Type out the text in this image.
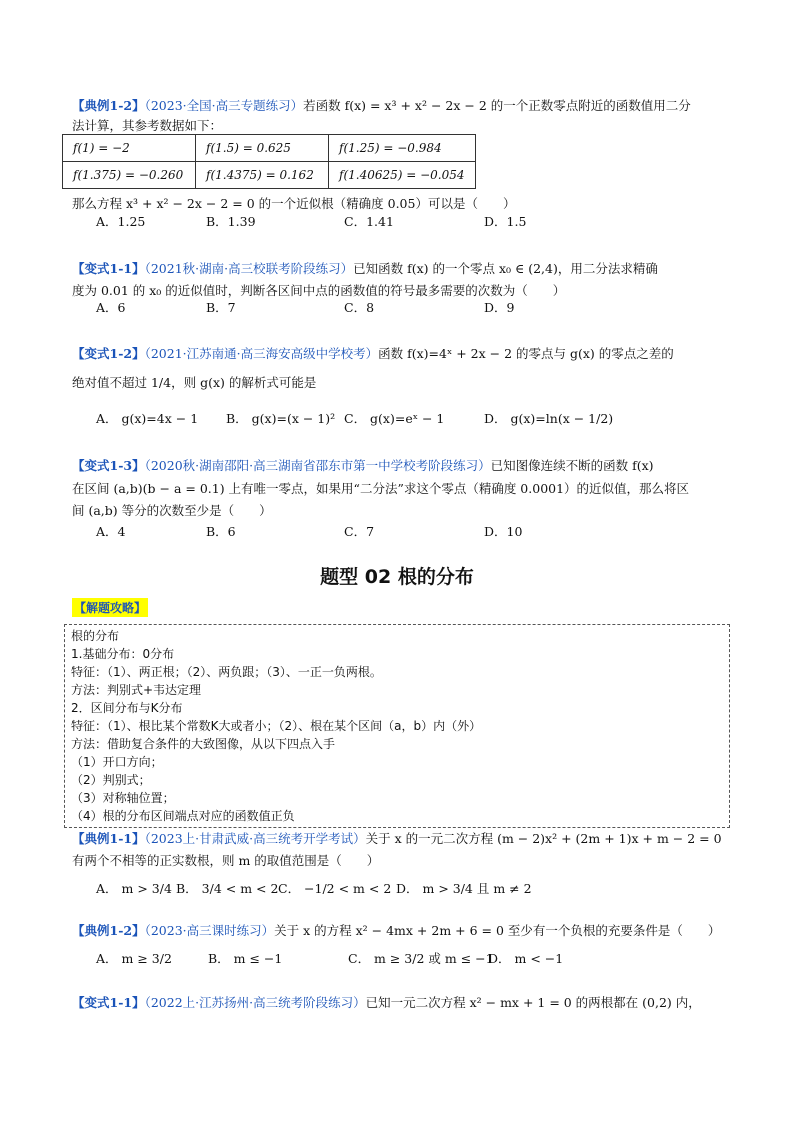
【典例1-2】（2023·全国·高三专题练习）若函数 f(x) = x³ + x² − 2x − 2 的一个正数零点附近的函数值用二分
法计算，其参考数据如下：
f(1) = −2	f(1.5) = 0.625	f(1.25) = −0.984
f(1.375) = −0.260	f(1.4375) = 0.162	f(1.40625) = −0.054
那么方程 x³ + x² − 2x − 2 = 0 的一个近似根（精确度 0.05）可以是（　　）
A．1.25	B．1.39	C．1.41	D．1.5
【变式1-1】（2021秋·湖南·高三校联考阶段练习）已知函数 f(x) 的一个零点 x₀ ∈ (2,4)，用二分法求精确
度为 0.01 的 x₀ 的近似值时，判断各区间中点的函数值的符号最多需要的次数为（　　）
A．6	B．7	C．8	D．9
【变式1-2】（2021·江苏南通·高三海安高级中学校考）函数 f(x)=4ˣ + 2x − 2 的零点与 g(x) 的零点之差的
绝对值不超过 1/4，则 g(x) 的解析式可能是
A． g(x)=4x − 1 B． g(x)=(x − 1)² C． g(x)=eˣ − 1	D． g(x)=ln(x − 1/2)
【变式1-3】（2020秋·湖南邵阳·高三湖南省邵东市第一中学校考阶段练习）已知图像连续不断的函数 f(x)
在区间 (a,b)(b − a = 0.1) 上有唯一零点，如果用“二分法”求这个零点（精确度 0.0001）的近似值，那么将区
间 (a,b) 等分的次数至少是（　　）
A．4	B．6	C．7	D．10
题型 02 根的分布
【解题攻略】
根的分布
1.基础分布：0分布
特征：（1）、两正根；（2）、两负跟；（3）、一正一负两根。
方法：判别式+韦达定理
2．区间分布与K分布
特征：（1）、根比某个常数K大或者小；（2）、根在某个区间（a，b）内（外）
方法：借助复合条件的大致图像，从以下四点入手
（1）开口方向；
（2）判别式；
（3）对称轴位置；
（4）根的分布区间端点对应的函数值正负
【典例1-1】（2023上·甘肃武威·高三统考开学考试）关于 x 的一元二次方程 (m − 2)x² + (2m + 1)x + m − 2 = 0
有两个不相等的正实数根，则 m 的取值范围是（　　）
A． m > 3/4 B． 3/4 < m < 2C． −1/2 < m < 2 D． m > 3/4 且 m ≠ 2
【典例1-2】（2023·高三课时练习）关于 x 的方程 x² − 4mx + 2m + 6 = 0 至少有一个负根的充要条件是（　　）
A． m ≥ 3/2	B． m ≤ −1	C． m ≥ 3/2 或 m ≤ −1D． m < −1
【变式1-1】（2022上·江苏扬州·高三统考阶段练习）已知一元二次方程 x² − mx + 1 = 0 的两根都在 (0,2) 内，
